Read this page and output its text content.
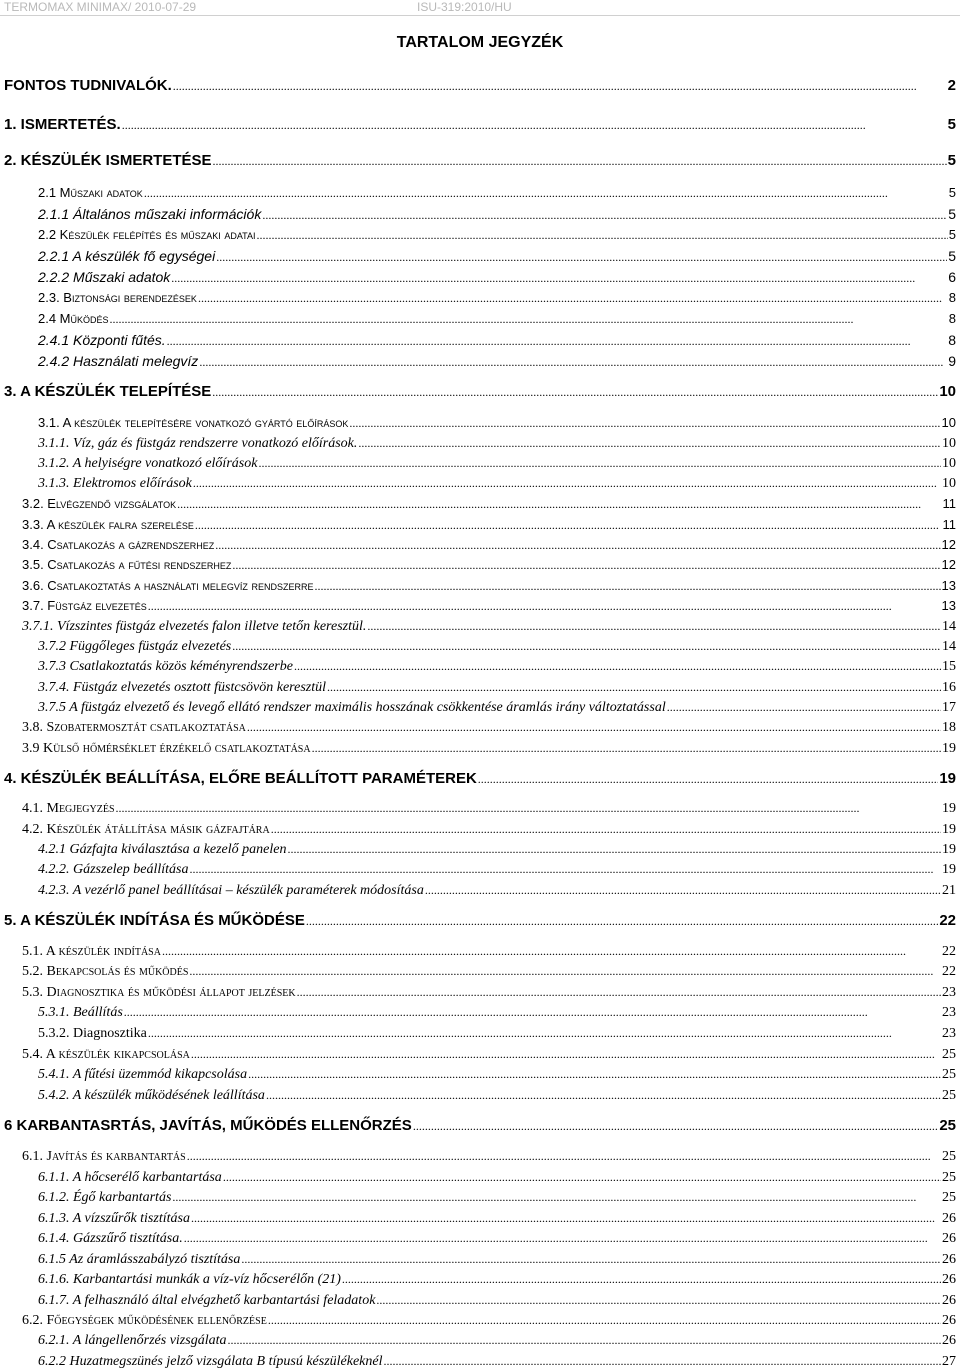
TERMOMAX MINIMAX/ 2010-07-29	ISU-319:2010/HU
TARTALOM JEGYZÉK
FONTOS TUDNIVALÓK. .....	2
1. ISMERTETÉS. .....	5
2. KÉSZÜLÉK ISMERTETÉSE .....	5
2.1 Műszaki adatok .....	5
2.1.1 Általános műszaki információk .....	5
2.2 Készülék felépítés és műszaki adatai .....	5
2.2.1 A készülék fő egységei .....	5
2.2.2 Műszaki adatok .....	6
2.3. Biztonsági berendezések .....	8
2.4 Működés .....	8
2.4.1 Központi fűtés. .....	8
2.4.2 Használati melegvíz .....	9
3. A KÉSZÜLÉK TELEPÍTÉSE .....	10
3.1. A készülék telepítésére vonatkozó gyártó előírások .....	10
3.1.1. Víz, gáz és füstgáz rendszerre vonatkozó előírások. .....	10
3.1.2. A helyiségre vonatkozó előírások .....	10
3.1.3. Elektromos előírások .....	10
3.2. Elvégzendő vizsgálatok .....	11
3.3. A készülék falra szerelése .....	11
3.4. Csatlakozás a gázrendszerhez .....	12
3.5. Csatlakozás a fűtési rendszerhez .....	12
3.6. Csatlakoztatás a használati melegvíz rendszerre .....	13
3.7. Füstgáz elvezetés .....	13
3.7.1. Vízszintes füstgáz elvezetés falon illetve tetőn keresztül. .....	14
3.7.2 Függőleges füstgáz elvezetés .....	14
3.7.3 Csatlakoztatás közös kéményrendszerbe .....	15
3.7.4. Füstgáz elvezetés osztott füstcsövön keresztül .....	16
3.7.5 A füstgáz elvezető és levegő ellátó rendszer maximális hosszának csökkentése áramlás irány változtatással .....	17
3.8. Szobatermosztát csatlakoztatása .....	18
3.9 Külső hőmérséklet érzékelő csatlakoztatása .....	19
4. KÉSZÜLÉK BEÁLLÍTÁSA, ELŐRE BEÁLLÍTOTT PARAMÉTEREK .....	19
4.1. Megjegyzés .....	19
4.2. Készülék átállítása másik gázfajtára .....	19
4.2.1 Gázfajta kiválasztása a kezelő panelen .....	19
4.2.2. Gázszelep beállítása .....	19
4.2.3. A vezérlő panel beállításai – készülék paraméterek módosítása .....	21
5. A KÉSZÜLÉK INDÍTÁSA ÉS MŰKÖDÉSE .....	22
5.1. A készülék indítása .....	22
5.2. Bekapcsolás és működés .....	22
5.3. Diagnosztika és működési állapot jelzések .....	23
5.3.1. Beállítás .....	23
5.3.2. Diagnosztika .....	23
5.4. A készülék kikapcsolása .....	25
5.4.1. A fűtési üzemmód kikapcsolása .....	25
5.4.2. A készülék működésének leállítása .....	25
6 KARBANTASRTÁS, JAVÍTÁS, MŰKÖDÉS ELLENŐRZÉS .....	25
6.1. Javítás és karbantartás .....	25
6.1.1. A hőcserélő karbantartása .....	25
6.1.2. Égő karbantartás .....	25
6.1.3. A vízszűrők tisztítása .....	26
6.1.4. Gázszűrő tisztítása. .....	26
6.1.5 Az áramlásszabályzó tisztítása .....	26
6.1.6. Karbantartási munkák a víz-víz hőcserélőn (21) .....	26
6.1.7. A felhasználó által elvégzhető karbantartási feladatok .....	26
6.2. Főegységek működésének ellenőrzése .....	26
6.2.1. A lángellenőrzés vizsgálata .....	26
6.2.2 Huzatmegszünés jelző vizsgálata B típusú készülékeknél .....	27
